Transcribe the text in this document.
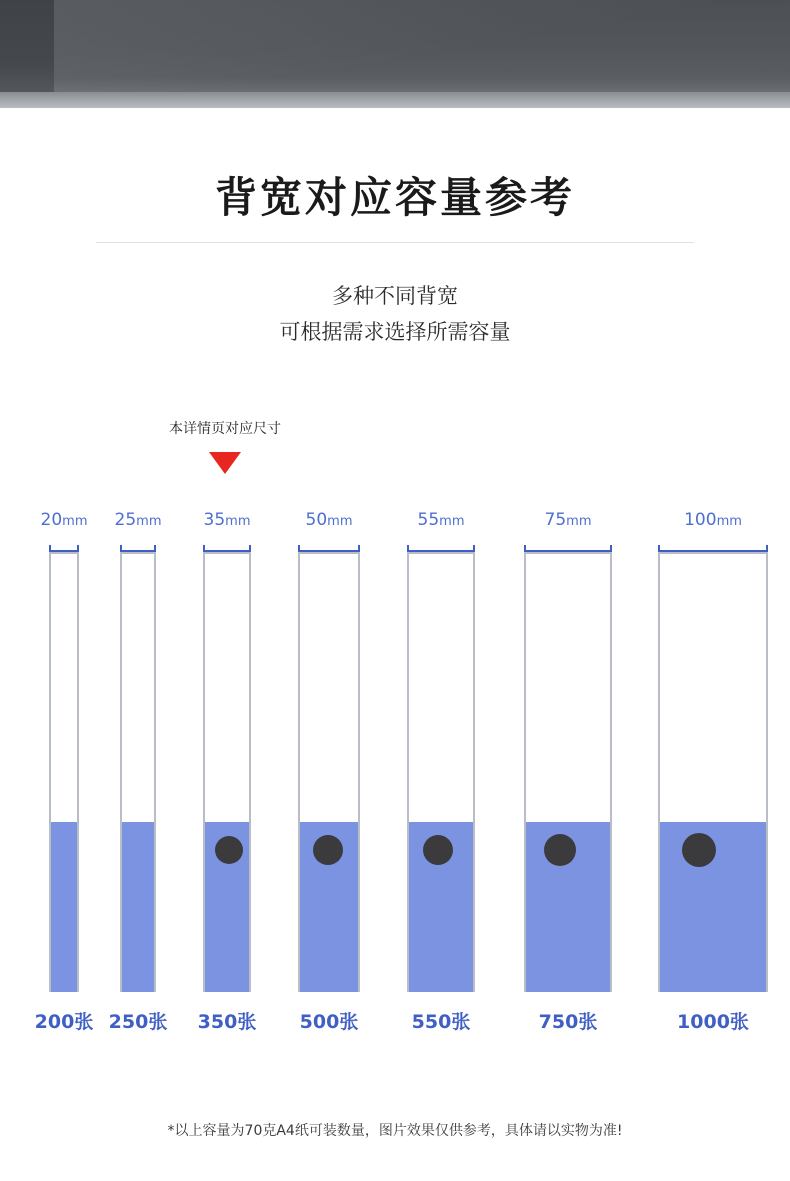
背宽对应容量参考
多种不同背宽
可根据需求选择所需容量
本详情页对应尺寸
20mm
200张
25mm
250张
35mm
350张
50mm
500张
55mm
550张
75mm
750张
100mm
1000张
*以上容量为70克A4纸可装数量，图片效果仅供参考，具体请以实物为准!
